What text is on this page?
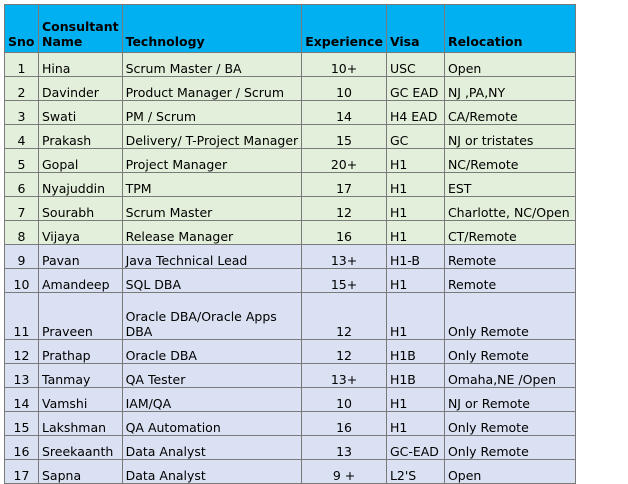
Sno	Consultant Name	Technology	Experience	Visa	Relocation
1	Hina	Scrum Master / BA	10+	USC	Open
2	Davinder	Product Manager / Scrum	10	GC EAD	NJ ,PA,NY
3	Swati	PM / Scrum	14	H4 EAD	CA/Remote
4	Prakash	Delivery/ T-Project Manager	15	GC	NJ or tristates
5	Gopal	Project Manager	20+	H1	NC/Remote
6	Nyajuddin	TPM	17	H1	EST
7	Sourabh	Scrum Master	12	H1	Charlotte, NC/Open
8	Vijaya	Release Manager	16	H1	CT/Remote
9	Pavan	Java Technical Lead	13+	H1-B	Remote
10	Amandeep	SQL DBA	15+	H1	Remote
11	Praveen	Oracle DBA/Oracle Apps DBA	12	H1	Only Remote
12	Prathap	Oracle DBA	12	H1B	Only Remote
13	Tanmay	QA Tester	13+	H1B	Omaha,NE /Open
14	Vamshi	IAM/QA	10	H1	NJ or Remote
15	Lakshman	QA Automation	16	H1	Only Remote
16	Sreekaanth	Data Analyst	13	GC-EAD	Only Remote
17	Sapna	Data Analyst	9 +	L2'S	Open
